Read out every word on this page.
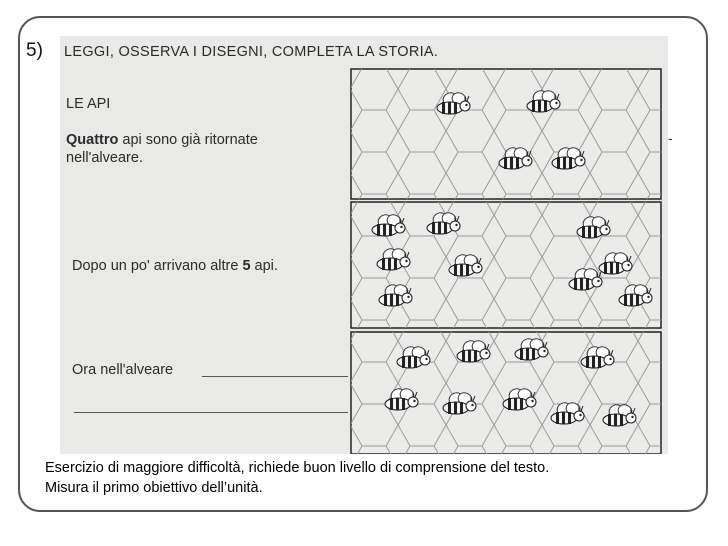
5) LEGGI, OSSERVA I DISEGNI, COMPLETA LA STORIA.
LE API
Quattro api sono già ritornate
nell'alveare.
Dopo un po' arrivano altre 5 api.
Ora nell'alveare
-
Esercizio di maggiore difficoltà, richiede buon livello di comprensione del testo.
Misura il primo obiettivo dell’unità.
